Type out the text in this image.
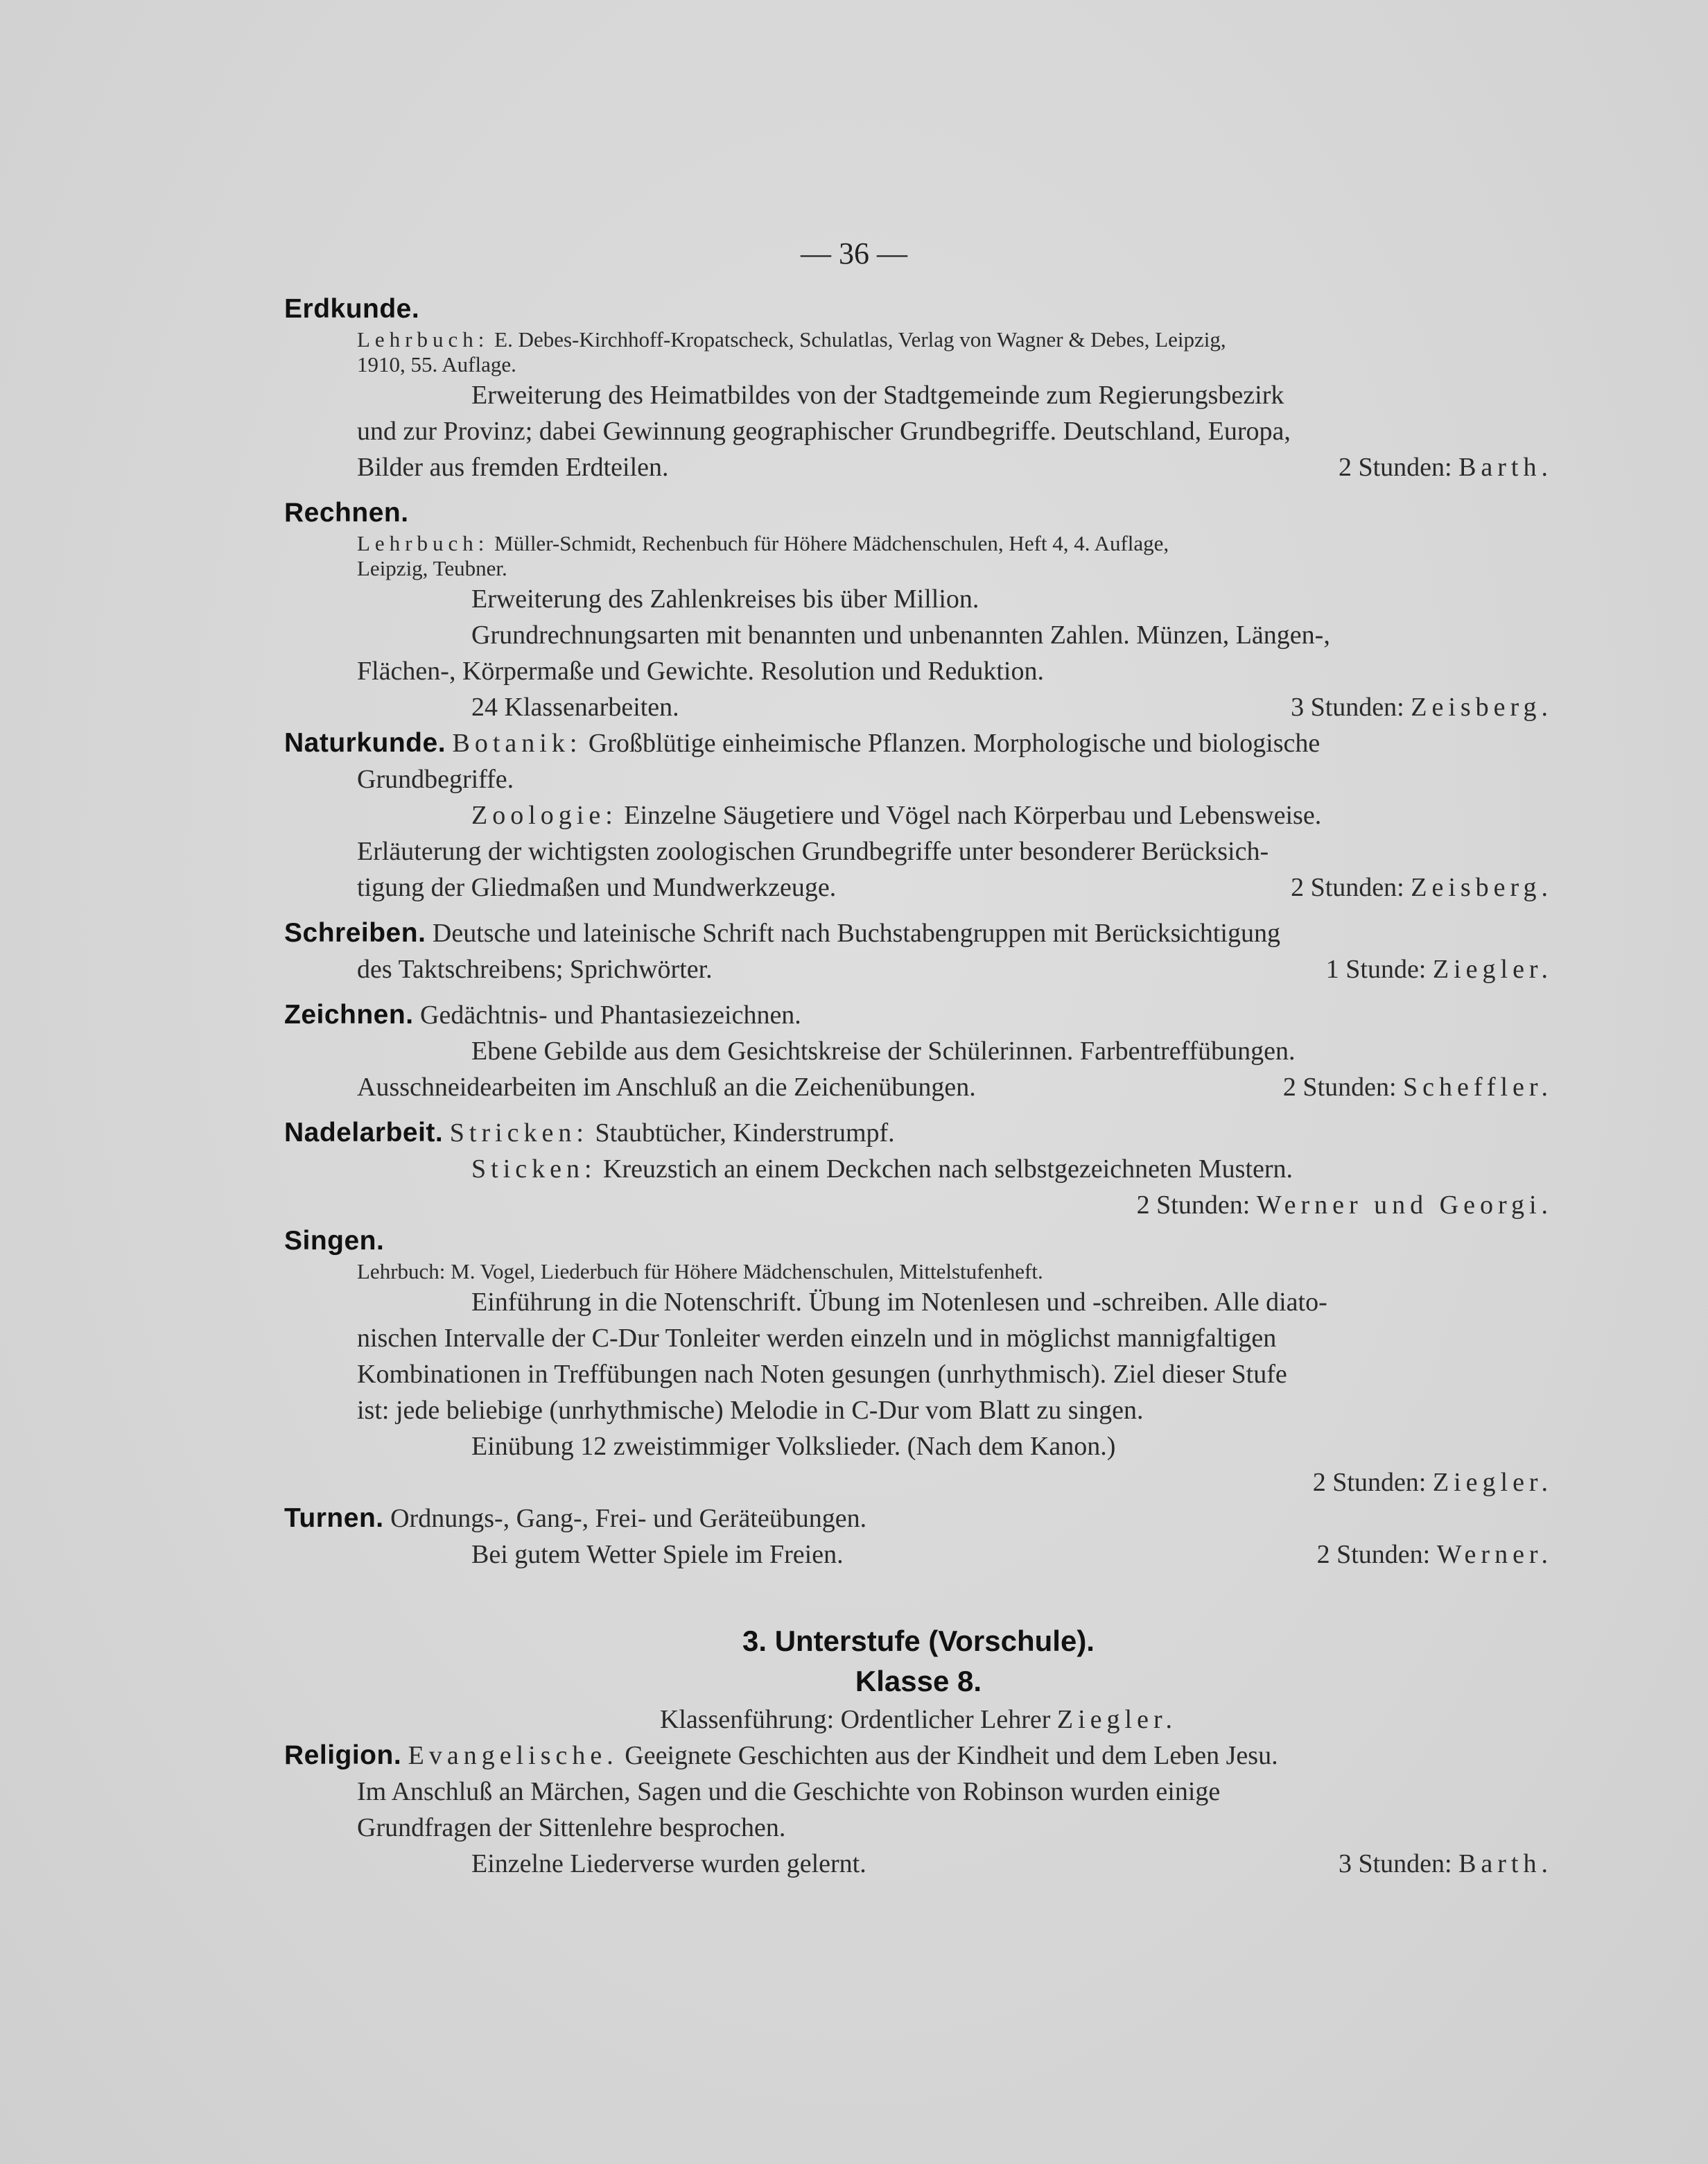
— 36 —
Erdkunde.
Lehrbuch: E. Debes-Kirchhoff-Kropatscheck, Schulatlas, Verlag von Wagner & Debes, Leipzig,
1910, 55. Auflage.
Erweiterung des Heimatbildes von der Stadtgemeinde zum Regierungsbezirk
und zur Provinz; dabei Gewinnung geographischer Grundbegriffe. Deutschland, Europa,
Bilder aus fremden Erdteilen.	2 Stunden: Barth.
Rechnen.
Lehrbuch: Müller-Schmidt, Rechenbuch für Höhere Mädchenschulen, Heft 4, 4. Auflage,
Leipzig, Teubner.
Erweiterung des Zahlenkreises bis über Million.
Grundrechnungsarten mit benannten und unbenannten Zahlen. Münzen, Längen-,
Flächen-, Körpermaße und Gewichte. Resolution und Reduktion.
24 Klassenarbeiten.	3 Stunden: Zeisberg.
Naturkunde. Botanik: Großblütige einheimische Pflanzen. Morphologische und biologische
Grundbegriffe.
Zoologie: Einzelne Säugetiere und Vögel nach Körperbau und Lebensweise.
Erläuterung der wichtigsten zoologischen Grundbegriffe unter besonderer Berücksich-
tigung der Gliedmaßen und Mundwerkzeuge.	2 Stunden: Zeisberg.
Schreiben. Deutsche und lateinische Schrift nach Buchstabengruppen mit Berücksichtigung
des Taktschreibens; Sprichwörter.	1 Stunde: Ziegler.
Zeichnen. Gedächtnis- und Phantasiezeichnen.
Ebene Gebilde aus dem Gesichtskreise der Schülerinnen. Farbentreffübungen.
Ausschneidearbeiten im Anschluß an die Zeichenübungen.	2 Stunden: Scheffler.
Nadelarbeit. Stricken: Staubtücher, Kinderstrumpf.
Sticken: Kreuzstich an einem Deckchen nach selbstgezeichneten Mustern.
2 Stunden: Werner und Georgi.
Singen.
Lehrbuch: M. Vogel, Liederbuch für Höhere Mädchenschulen, Mittelstufenheft.
Einführung in die Notenschrift. Übung im Notenlesen und -schreiben. Alle diato-
nischen Intervalle der C-Dur Tonleiter werden einzeln und in möglichst mannigfaltigen
Kombinationen in Treffübungen nach Noten gesungen (unrhythmisch). Ziel dieser Stufe
ist: jede beliebige (unrhythmische) Melodie in C-Dur vom Blatt zu singen.
Einübung 12 zweistimmiger Volkslieder. (Nach dem Kanon.)
2 Stunden: Ziegler.
Turnen. Ordnungs-, Gang-, Frei- und Geräteübungen.
Bei gutem Wetter Spiele im Freien.	2 Stunden: Werner.
3. Unterstufe (Vorschule).
Klasse 8.
Klassenführung: Ordentlicher Lehrer Ziegler.
Religion. Evangelische. Geeignete Geschichten aus der Kindheit und dem Leben Jesu.
Im Anschluß an Märchen, Sagen und die Geschichte von Robinson wurden einige
Grundfragen der Sittenlehre besprochen.
Einzelne Liederverse wurden gelernt.	3 Stunden: Barth.
